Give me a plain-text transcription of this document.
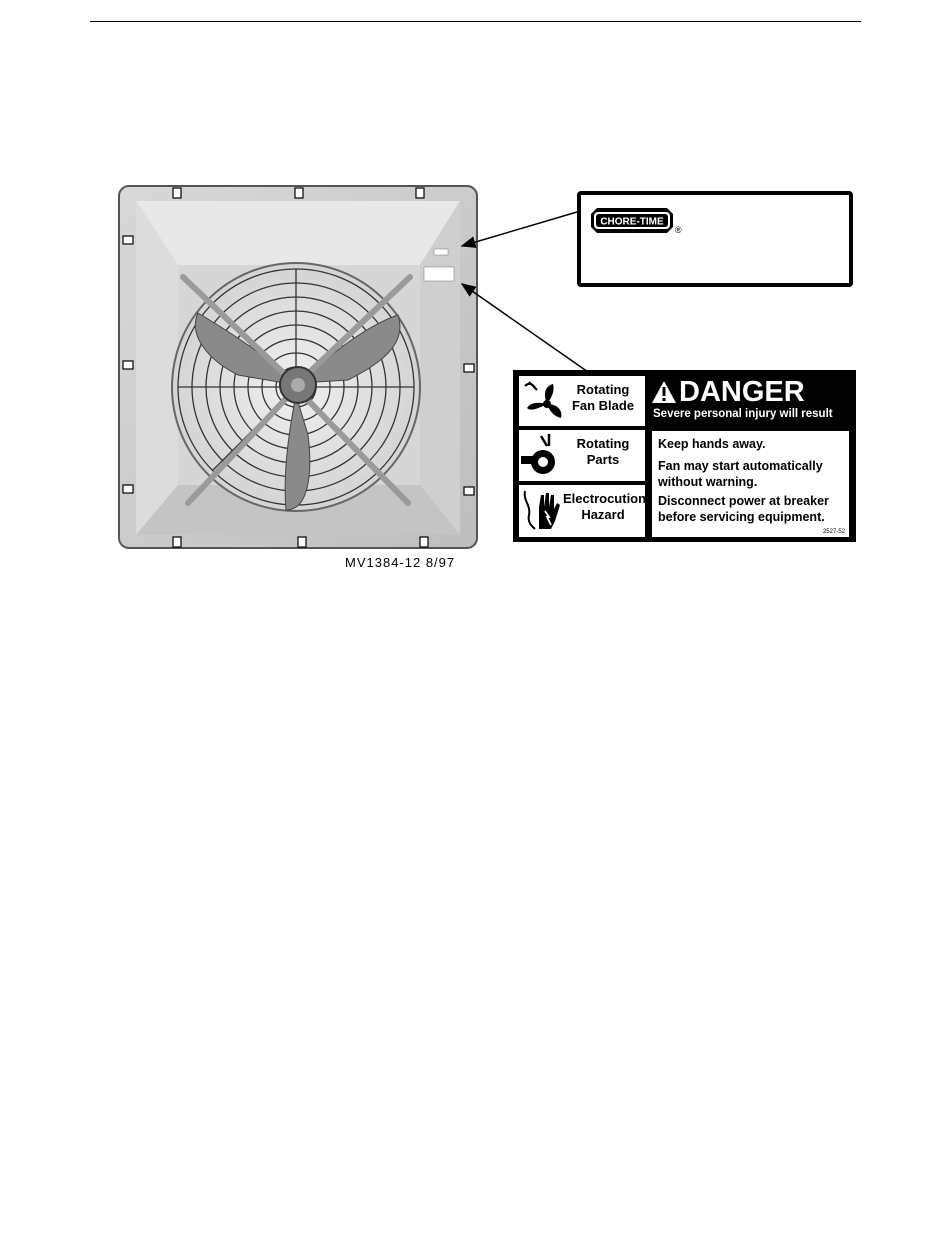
MV1384-12 8/97
CHORE-TIME
®
Rotating
Fan Blade
Rotating
Parts
Electrocution
Hazard
DANGER
Severe personal injury will result

Keep hands away.

Fan may start automatically without warning.

Disconnect power at breaker before servicing equipment.

2527-52
